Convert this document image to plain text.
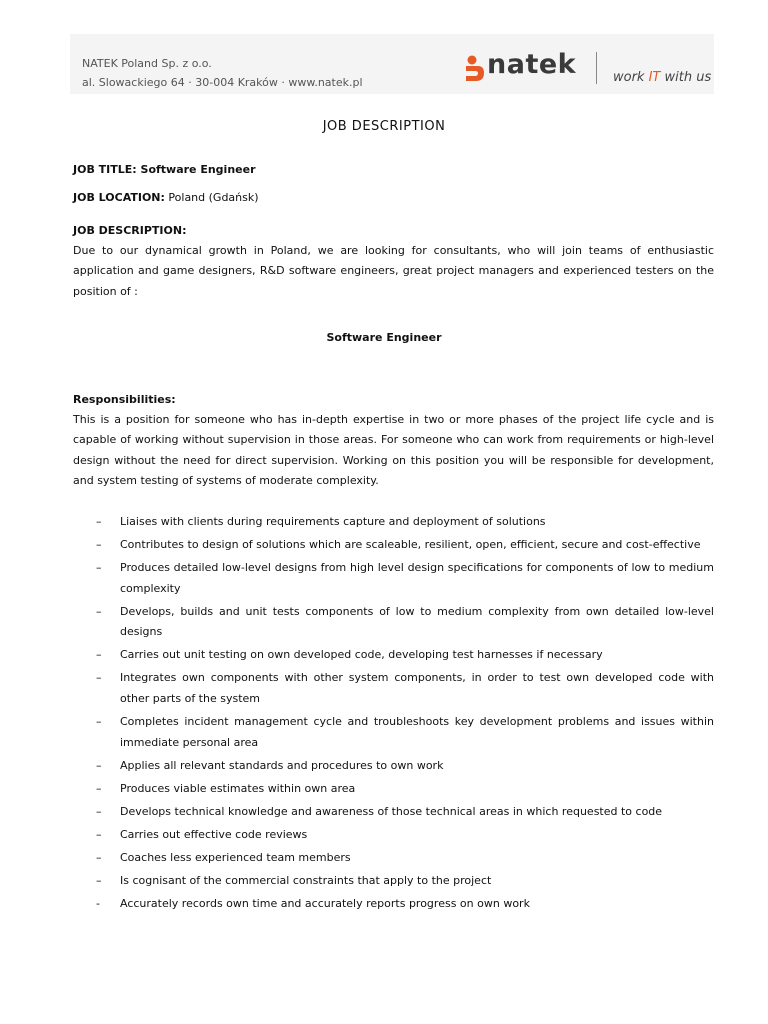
NATEK Poland Sp. z o.o.
al. Slowackiego 64 · 30-004 Kraków · www.natek.pl
natek	work IT with us
JOB DESCRIPTION
JOB TITLE: Software Engineer
JOB LOCATION: Poland (Gdańsk)
JOB DESCRIPTION:
Due to our dynamical growth in Poland, we are looking for consultants, who will join teams of enthusiastic application and game designers, R&D software engineers, great project managers and experienced testers on the position of :
Software Engineer
Responsibilities:
This is a position for someone who has in-depth expertise in two or more phases of the project life cycle and is capable of working without supervision in those areas. For someone who can work from requirements or high-level design without the need for direct supervision. Working on this position you will be responsible for development, and system testing of systems of moderate complexity.
– Liaises with clients during requirements capture and deployment of solutions
– Contributes to design of solutions which are scaleable, resilient, open, efficient, secure and cost-effective
– Produces detailed low-level designs from high level design specifications for components of low to medium complexity
– Develops, builds and unit tests components of low to medium complexity from own detailed low-level designs
– Carries out unit testing on own developed code, developing test harnesses if necessary
– Integrates own components with other system components, in order to test own developed code with other parts of the system
– Completes incident management cycle and troubleshoots key development problems and issues within immediate personal area
– Applies all relevant standards and procedures to own work
– Produces viable estimates within own area
– Develops technical knowledge and awareness of those technical areas in which requested to code
– Carries out effective code reviews
– Coaches less experienced team members
– Is cognisant of the commercial constraints that apply to the project
- Accurately records own time and accurately reports progress on own work
